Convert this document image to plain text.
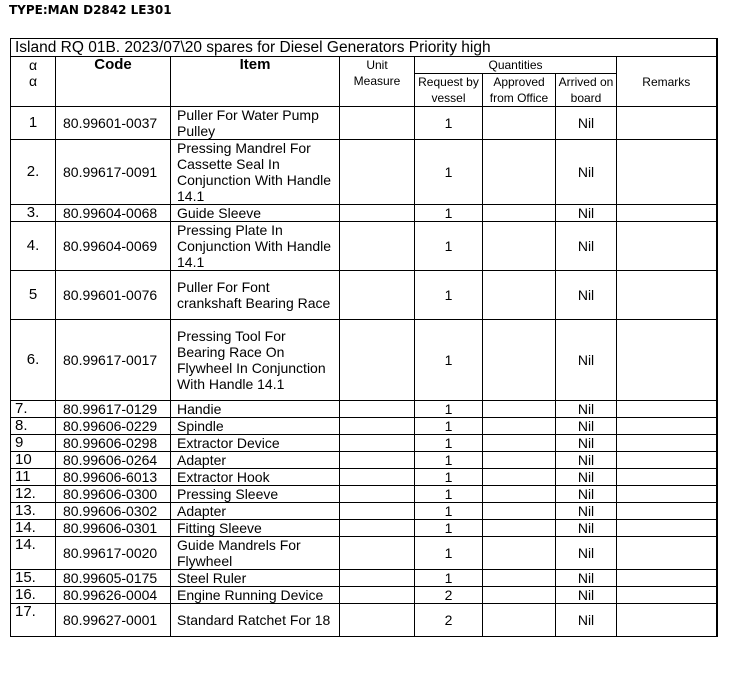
TYPE:MAN D2842 LE301
Island RQ 01B. 2023/07\20 spares for Diesel Generators Priority high							

α
α	Code	Item	Unit Measure	Quantities			Remarks
				Request by vessel	Approved from Office	Arrived on board	
1	80.99601-0037	Puller For Water Pump Pulley		1		Nil	
2.	80.99617-0091	Pressing Mandrel For Cassette Seal In Conjunction With Handle 14.1		1		Nil	
3.	80.99604-0068	Guide Sleeve		1		Nil	
4.	80.99604-0069	Pressing Plate In Conjunction With Handle 14.1		1		Nil	
5	80.99601-0076	Puller For Font crankshaft Bearing Race		1		Nil	
6.	80.99617-0017	Pressing Tool For Bearing Race On Flywheel In Conjunction With Handle 14.1		1		Nil	
7.	80.99617-0129	Handie		1		Nil	
8.	80.99606-0229	Spindle		1		Nil	
9	80.99606-0298	Extractor Device		1		Nil	
10	80.99606-0264	Adapter		1		Nil	
11	80.99606-6013	Extractor Hook		1		Nil	
12.	80.99606-0300	Pressing Sleeve		1		Nil	
13.	80.99606-0302	Adapter		1		Nil	
14.	80.99606-0301	Fitting Sleeve		1		Nil	
14.	80.99617-0020	Guide Mandrels For Flywheel		1		Nil	
15.	80.99605-0175	Steel Ruler		1		Nil	
16.	80.99626-0004	Engine Running Device		2		Nil	
17.	80.99627-0001	Standard Ratchet For 18		2		Nil	
